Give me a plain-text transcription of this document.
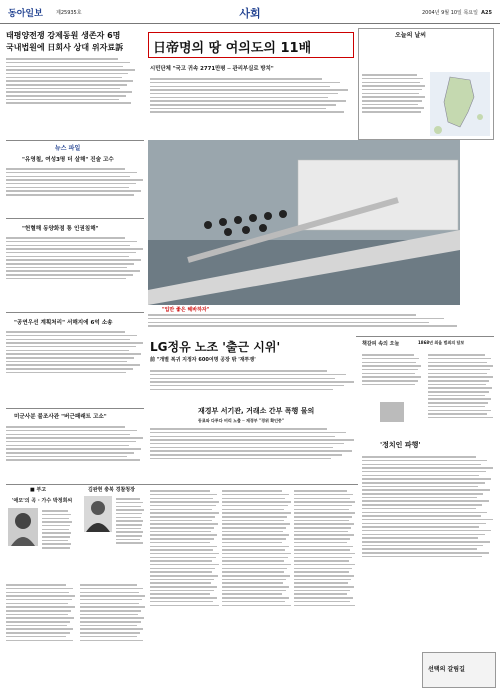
동아일보	제25935호	사회	2004년 9월 10일 목요일 A25
태평양전쟁 강제동원 생존자 6명
국내법원에 日회사 상대 위자료訴
뉴스 파일
"유영철, 여성3명 더 살해" 진술 고수
"헌혈해 동양화점 통 인권침해"
"공연우선 계획처리" 서해지에 6억 소송
미군사분 불조사관 "버근패래트 고소"
■ 부고
'애모'의 곡 · 가수 박정희씨
김완현 충북 경찰청장
日帝명의 땅 여의도의 11배
시민단체 "국고 귀속 2771만평 ─ 관리부실로 방치"
"입만 좋은 헤바하자"
오늘의 날씨
책갈피 속의 오늘	1868년 최을 범죄의 담보
'정치인 파행'
LG정유 노조 '출근 시위'
前 "개별 복귀 지정자 600여명 공장 밖 '재투쟁'
재경부 서기관, 거래소 간부 폭행 물의
동료와 다투다 비리 노출 ─ 재경부 "경위 확인중"
선택의 갈림길
